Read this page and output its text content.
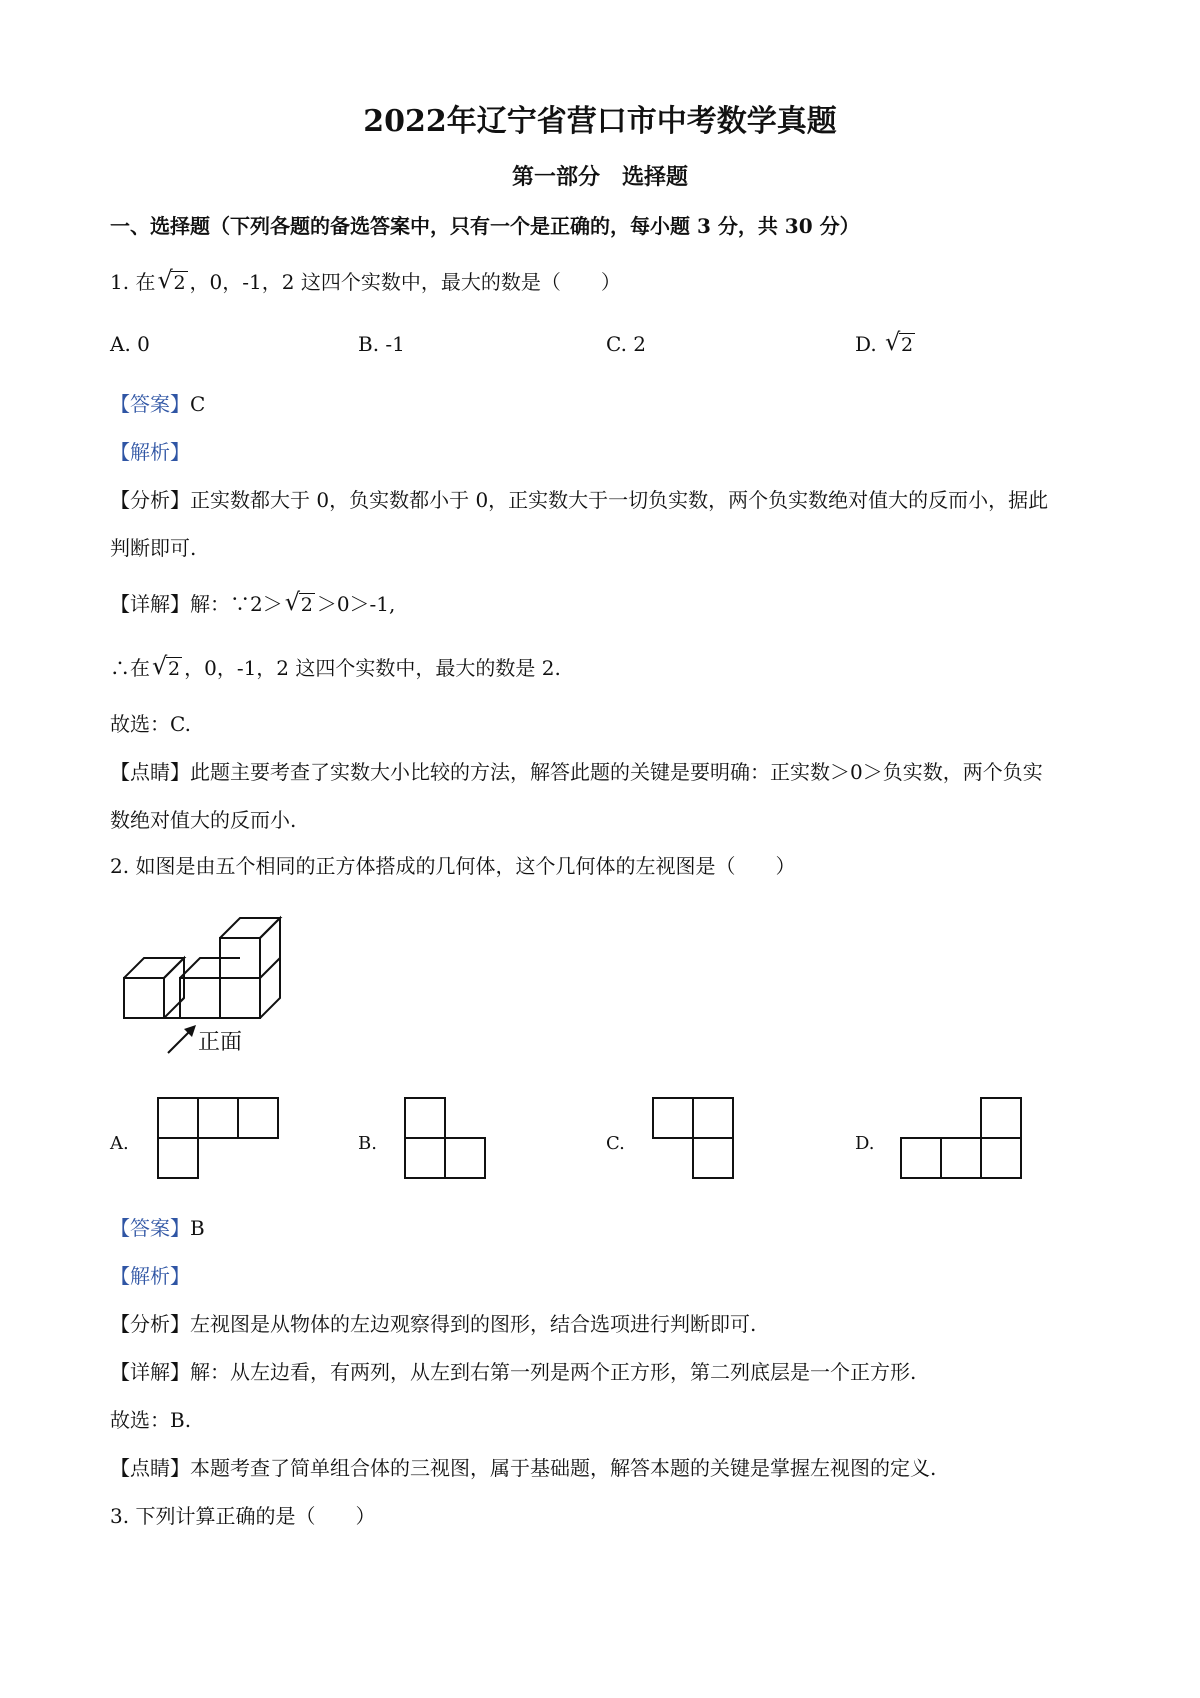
2022年辽宁省营口市中考数学真题
第一部分　选择题
一、选择题（下列各题的备选答案中，只有一个是正确的，每小题 3 分，共 30 分）
1. 在 √ 2 ，0，-1，2 这四个实数中，最大的数是（　　）
A. 0	B. -1	C. 2	D. √ 2
【答案】C
【解析】
【分析】正实数都大于 0，负实数都小于 0，正实数大于一切负实数，两个负实数绝对值大的反而小，据此
判断即可.
【详解】解：∵2＞ √ 2 ＞0＞-1,
∴在 √ 2 ，0，-1，2 这四个实数中，最大的数是 2.
故选：C.
【点睛】此题主要考查了实数大小比较的方法，解答此题的关键是要明确：正实数＞0＞负实数，两个负实
数绝对值大的反而小.
2. 如图是由五个相同的正方体搭成的几何体，这个几何体的左视图是（　　）
正面
A.	B.	C.	D.
【答案】B
【解析】
【分析】左视图是从物体的左边观察得到的图形，结合选项进行判断即可.
【详解】解：从左边看，有两列，从左到右第一列是两个正方形，第二列底层是一个正方形.
故选：B.
【点睛】本题考查了简单组合体的三视图，属于基础题，解答本题的关键是掌握左视图的定义.
3. 下列计算正确的是（　　）
